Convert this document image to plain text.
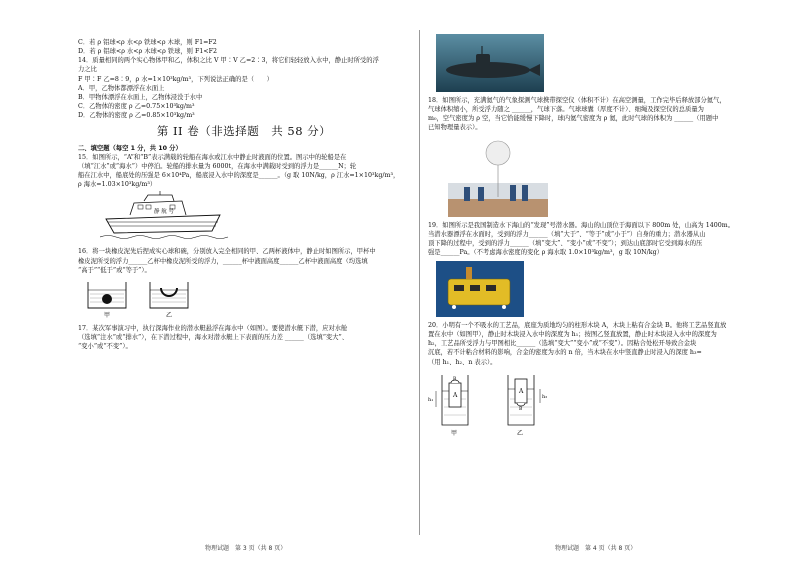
C．若 ρ 铝球<ρ 水<ρ 铁球<ρ 木球，则 F1=F2

D．若 ρ 铝球<ρ 水<ρ 木球<ρ 铁球，则 F1<F2

14．质量相同的两个实心物体甲和乙，体积之比 V 甲∶V 乙=2∶3，将它们轻轻放入水中，静止时所受的浮

力之比

F 甲∶F 乙=8∶9，ρ 水=1×10³kg/m³，下列说法正确的是（　　）

A．甲，乙物体都漂浮在水面上

B．甲物体漂浮在水面上，乙物体浸没于水中

C．乙物体的密度 ρ 乙=0.75×10³kg/m³

D．乙物体的密度 ρ 乙=0.85×10³kg/m³

第 II 卷（非选择题　共 58 分）

二、填空题（每空 1 分，共 10 分）

15．如图所示，“A”和“B”表示满载的轮船在海水或江水中静止时液面的位置。图示中的轮船是在

（填“江水”或“海水”）中停泊。轮船的排水量为 6000t，在海水中满载时受到的浮力是______N；轮

船在江水中，船底处的压强是 6×10⁴Pa，船底浸入水中的深度是______。（g 取 10N/kg，ρ 江水=1×10³kg/m³，

ρ 海水=1.03×10³kg/m³）

静 航 号

16．将一块橡皮泥先后捏成实心球和碗，分别放入完全相同的甲、乙两杯液体中，静止时如图所示，甲杯中

橡皮泥所受的浮力______乙杯中橡皮泥所受的浮力，______杯中液面高度______乙杯中液面高度（均选填

“高于”“低于”或“等于”）。

甲	乙

17．某次军事演习中，执行深海作业的潜水艇悬浮在海水中（如图）。要使潜水艇下潜，应对水舱

（选填“注水”或“排水”），在下潜过程中，海水对潜水艇上下表面的压力差 ______（选填“变大”、

“变小”或“不变”）。

18．如图所示，充满氦气的气象探测气球携带探空仪（体积不计）在高空测量，工作完毕后释放部分氦气，

气球体积缩小，所受浮力随之 ______，气球下落。气球球囊（厚度不计）、细绳及探空仪的总质量为

m₀，空气密度为 ρ 空，当它恰能缓慢下降时，球内氦气密度为 ρ 氦，此时气球的体积为 ______（用题中

已知物理量表示）。

19．如图所示是我国制造水下海山的“发现”号潜水器。海山的山顶位于海面以下 800m 处，山高为 1400m。

当潜水器漂浮在水面时，受到的浮力______（填“大于”、“等于”或“小于”）自身的重力；潜水器从山

顶下降的过程中，受到的浮力______（填“变大”、“变小”或“不变”）；到达山底部时它受到海水的压

强是______Pa。（不考虑海水密度的变化 ρ 海水取 1.0×10³kg/m³，g 取 10N/kg）

20．小明有一个不吸水的工艺品，底座为质地均匀的柱形木块 A，木块上粘有合金块 B。他将工艺品竖直放

置在水中（如图甲），静止时木块浸入水中的深度为 h₁；按图乙竖直放置，静止时木块浸入水中的深度为

h₂，工艺品所受浮力与甲图相比______（选填“变大”“变小”或“不变”）。因粘合处松开导致合金块

沉底，若不计粘合材料的影响，合金的密度为水的 n 倍，当木块在水中竖直静止时浸入的深度 h₃=

（用 h₁、h₂、n 表示）。

A
B
h₁
甲
A
B
h₂
乙
物理试题　第 3 页（共 8 页）	物理试题　第 4 页（共 8 页）
